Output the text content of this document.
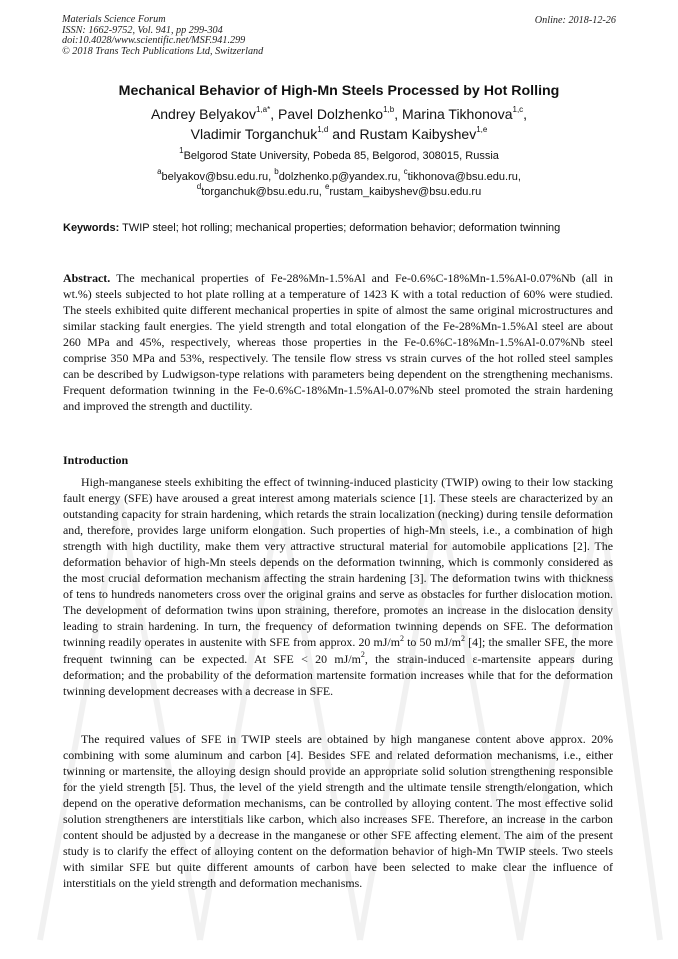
Materials Science Forum
ISSN: 1662-9752, Vol. 941, pp 299-304
doi:10.4028/www.scientific.net/MSF.941.299
© 2018 Trans Tech Publications Ltd, Switzerland
Online: 2018-12-26
Mechanical Behavior of High-Mn Steels Processed by Hot Rolling
Andrey Belyakov$^{1,a*}$, Pavel Dolzhenko$^{1,b}$, Marina Tikhonova$^{1,c}$,
Vladimir Torganchuk$^{1,d}$ and Rustam Kaibyshev$^{1,e}$
$^1$Belgorod State University, Pobeda 85, Belgorod, 308015, Russia
$^a$belyakov@bsu.edu.ru, $^b$dolzhenko.p@yandex.ru, $^c$tikhonova@bsu.edu.ru,
$^d$torganchuk@bsu.edu.ru, $^e$rustam_kaibyshev@bsu.edu.ru
Keywords: TWIP steel; hot rolling; mechanical properties; deformation behavior; deformation twinning
Abstract. The mechanical properties of Fe-28%Mn-1.5%Al and Fe-0.6%C-18%Mn-1.5%Al-0.07%Nb (all in wt.%) steels subjected to hot plate rolling at a temperature of 1423 K with a total reduction of 60% were studied. The steels exhibited quite different mechanical properties in spite of almost the same original microstructures and similar stacking fault energies. The yield strength and total elongation of the Fe-28%Mn-1.5%Al steel are about 260 MPa and 45%, respectively, whereas those properties in the Fe-0.6%C-18%Mn-1.5%Al-0.07%Nb steel comprise 350 MPa and 53%, respectively. The tensile flow stress vs strain curves of the hot rolled steel samples can be described by Ludwigson-type relations with parameters being dependent on the strengthening mechanisms. Frequent deformation twinning in the Fe-0.6%C-18%Mn-1.5%Al-0.07%Nb steel promoted the strain hardening and improved the strength and ductility.
Introduction
High-manganese steels exhibiting the effect of twinning-induced plasticity (TWIP) owing to their low stacking fault energy (SFE) have aroused a great interest among materials science [1]. These steels are characterized by an outstanding capacity for strain hardening, which retards the strain localization (necking) during tensile deformation and, therefore, provides large uniform elongation. Such properties of high-Mn steels, i.e., a combination of high strength with high ductility, make them very attractive structural material for automobile applications [2]. The deformation behavior of high-Mn steels depends on the deformation twinning, which is commonly considered as the most crucial deformation mechanism affecting the strain hardening [3]. The deformation twins with thickness of tens to hundreds nanometers cross over the original grains and serve as obstacles for further dislocation motion. The development of deformation twins upon straining, therefore, promotes an increase in the dislocation density leading to strain hardening. In turn, the frequency of deformation twinning depends on SFE. The deformation twinning readily operates in austenite with SFE from approx. 20 $mJ/m^2$ to 50 $mJ/m^2$ [4]; the smaller SFE, the more frequent twinning can be expected. At SFE < 20 $mJ/m^2$, the strain-induced ε-martensite appears during deformation; and the probability of the deformation martensite formation increases while that for the deformation twinning development decreases with a decrease in SFE.
The required values of SFE in TWIP steels are obtained by high manganese content above approx. 20% combining with some aluminum and carbon [4]. Besides SFE and related deformation mechanisms, i.e., either twinning or martensite, the alloying design should provide an appropriate solid solution strengthening responsible for the yield strength [5]. Thus, the level of the yield strength and the ultimate tensile strength/elongation, which depend on the operative deformation mechanisms, can be controlled by alloying content. The most effective solid solution strengtheners are interstitials like carbon, which also increases SFE. Therefore, an increase in the carbon content should be adjusted by a decrease in the manganese or other SFE affecting element. The aim of the present study is to clarify the effect of alloying content on the deformation behavior of high-Mn TWIP steels. Two steels with similar SFE but quite different amounts of carbon have been selected to make clear the influence of interstitials on the yield strength and deformation mechanisms.
